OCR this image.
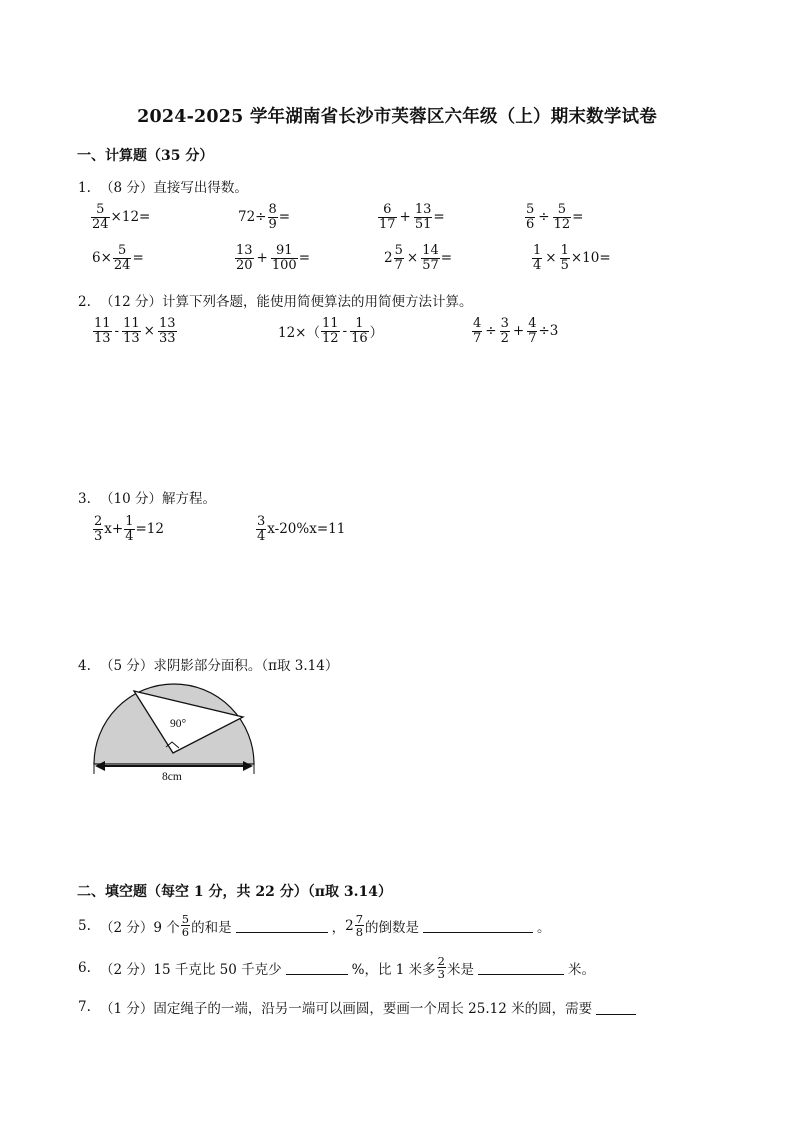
2024-2025 学年湖南省长沙市芙蓉区六年级（上）期末数学试卷
一、计算题（35 分）
1. （8 分）直接写出得数。
$\frac{5}{24} \times 12=$	$72\div \frac{8}{9}$ =	$\frac{6}{17} + \frac{13}{51}$ =	$\frac{5}{6} \div \frac{5}{12}$ =
$6\times \frac{5}{24}$ =	$\frac{13}{20} + \frac{91}{100}$ =	$2 \frac{5}{7} \times \frac{14}{57}$ =	$\frac{1}{4} \times \frac{1}{5} \times 10=$
2. （12 分）计算下列各题，能使用简便算法的用简便方法计算。
$\frac{11}{13} - \frac{11}{13} \times \frac{13}{33}$	$12\times( \frac{11}{12} - \frac{1}{16}$ ）	$\frac{4}{7} \div \frac{3}{2} + \frac{4}{7} \div 3$
3. （10 分）解方程。
$\frac{2}{3} x+ \frac{1}{4} =12$	$\frac{3}{4} x-20\%x=11$
4. （5 分）求阴影部分面积。（π取 3.14）
90°
8cm
二、填空题（每空 1 分，共 22 分）（π取 3.14）
5. （2 分）9 个 $\frac{5}{6}$ 的和是	， $2 \frac{7}{8}$ 的倒数是	。
6. （2 分）15 千克比 50 千克少	%，比 1 米多 $\frac{2}{3}$ 米是	米。
7. （1 分）固定绳子的一端，沿另一端可以画圆，要画一个周长 25.12 米的圆，需要
